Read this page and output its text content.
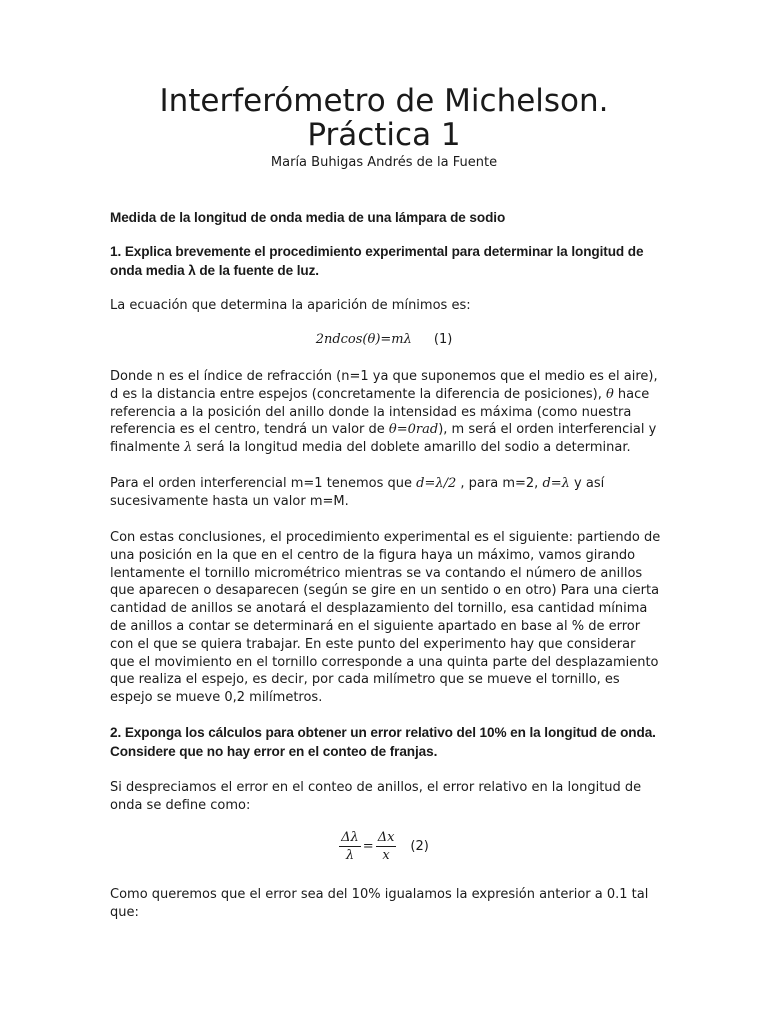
Interferómetro de Michelson.
Práctica 1
María Buhigas Andrés de la Fuente

Medida de la longitud de onda media de una lámpara de sodio

1. Explica brevemente el procedimiento experimental para determinar la longitud de onda media λ de la fuente de luz.

La ecuación que determina la aparición de mínimos es:

2ndcos(θ)=mλ (1)

Donde n es el índice de refracción (n=1 ya que suponemos que el medio es el aire), d es la distancia entre espejos (concretamente la diferencia de posiciones), θ hace referencia a la posición del anillo donde la intensidad es máxima (como nuestra referencia es el centro, tendrá un valor de θ=0rad), m será el orden interferencial y finalmente λ será la longitud media del doblete amarillo del sodio a determinar.

Para el orden interferencial m=1 tenemos que d=λ/2 , para m=2, d=λ y así sucesivamente hasta un valor m=M.

Con estas conclusiones, el procedimiento experimental es el siguiente: partiendo de una posición en la que en el centro de la figura haya un máximo, vamos girando lentamente el tornillo micrométrico mientras se va contando el número de anillos que aparecen o desaparecen (según se gire en un sentido o en otro) Para una cierta cantidad de anillos se anotará el desplazamiento del tornillo, esa cantidad mínima de anillos a contar se determinará en el siguiente apartado en base al % de error con el que se quiera trabajar. En este punto del experimento hay que considerar que el movimiento en el tornillo corresponde a una quinta parte del desplazamiento que realiza el espejo, es decir, por cada milímetro que se mueve el tornillo, es espejo se mueve 0,2 milímetros.

2. Exponga los cálculos para obtener un error relativo del 10% en la longitud de onda. Considere que no hay error en el conteo de franjas.

Si despreciamos el error en el conteo de anillos, el error relativo en la longitud de onda se define como:

$\frac{\Delta\lambda}{\lambda} = \frac{\Delta x}{x} (2)$

Como queremos que el error sea del 10% igualamos la expresión anterior a 0.1 tal que:
